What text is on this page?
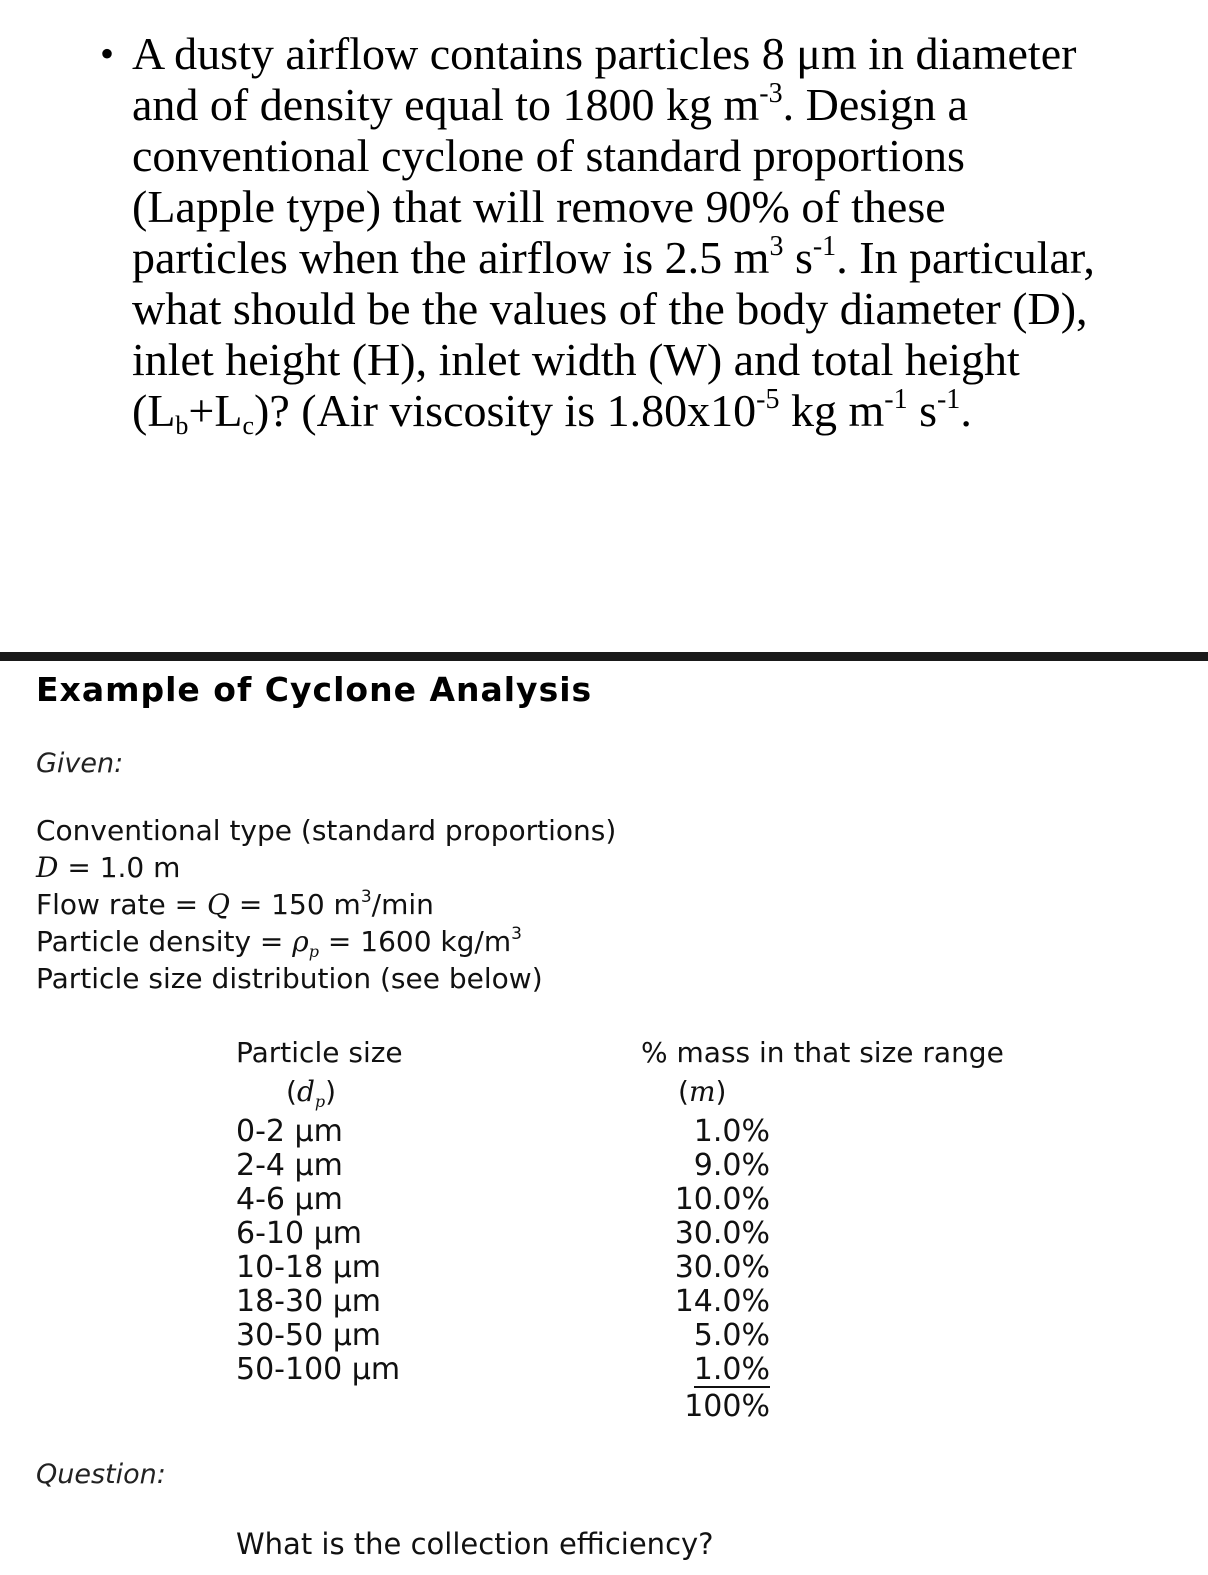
• A dusty airflow contains particles 8 μm in diameter
and of density equal to 1800 kg $m^{-3}$. Design a
conventional cyclone of standard proportions
(Lapple type) that will remove 90% of these
particles when the airflow is 2.5 $m^3$ $s^{-1}$. In particular,
what should be the values of the body diameter (D),
inlet height (H), inlet width (W) and total height
$(L_b+L_c)$? (Air viscosity is $1.80x10^{-5}$ kg $m^{-1}$ $s^{-1}$.
Example of Cyclone Analysis
Given:
Conventional type (standard proportions)
D = 1.0 m
Flow rate = Q = 150 $m^3/\min$
Particle density = $\rho_p = 1600$ $kg/m^3$
Particle size distribution (see below)
Particle size
$(d_p)$
% mass in that size range
(m)
0-2 μm
2-4 μm
4-6 μm
6-10 μm
10-18 μm
18-30 μm
30-50 μm
50-100 μm
1.0%
9.0%
10.0%
30.0%
30.0%
14.0%
5.0%
1.0%
100%
Question:
What is the collection efficiency?
